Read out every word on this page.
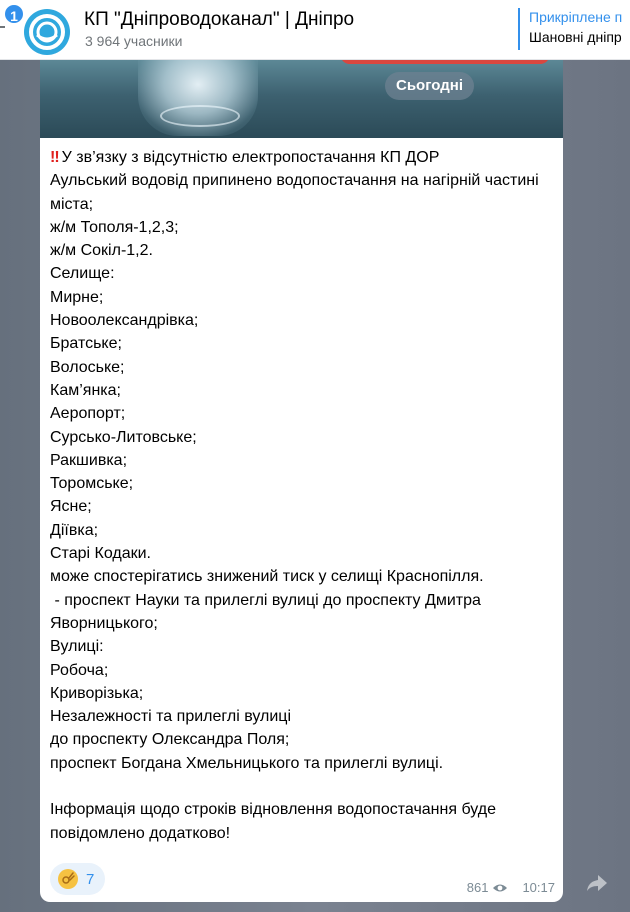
1	КП "Дніпроводоканал" | Дніпро
3 964 учасники
Прикріплене п
Шановні дніпр
Сьогодні
‼ У зв’язку з відсутністю електропостачання КП ДОР
Аульський водовід припинено водопостачання на нагірній частині міста;
ж/м Тополя-1,2,3;
ж/м Сокіл-1,2.
Селище:
Мирне;
Новоолександрівка;
Братське;
Волоське;
Кам’янка;
Аеропорт;
Сурсько-Литовське;
Ракшивка;
Торомське;
Ясне;
Діївка;
Старі Кодаки.
може спостерігатись знижений тиск у селищі Краснопілля.
- проспект Науки та прилеглі вулиці до проспекту Дмитра Яворницького;
Вулиці:
Робоча;
Криворізька;
Незалежності та прилеглі вулиці
до проспекту Олександра Поля;
проспект Богдана Хмельницького та прилеглі вулиці.

Інформація щодо строків відновлення водопостачання буде повідомлено додатково!
7	861	10:17
